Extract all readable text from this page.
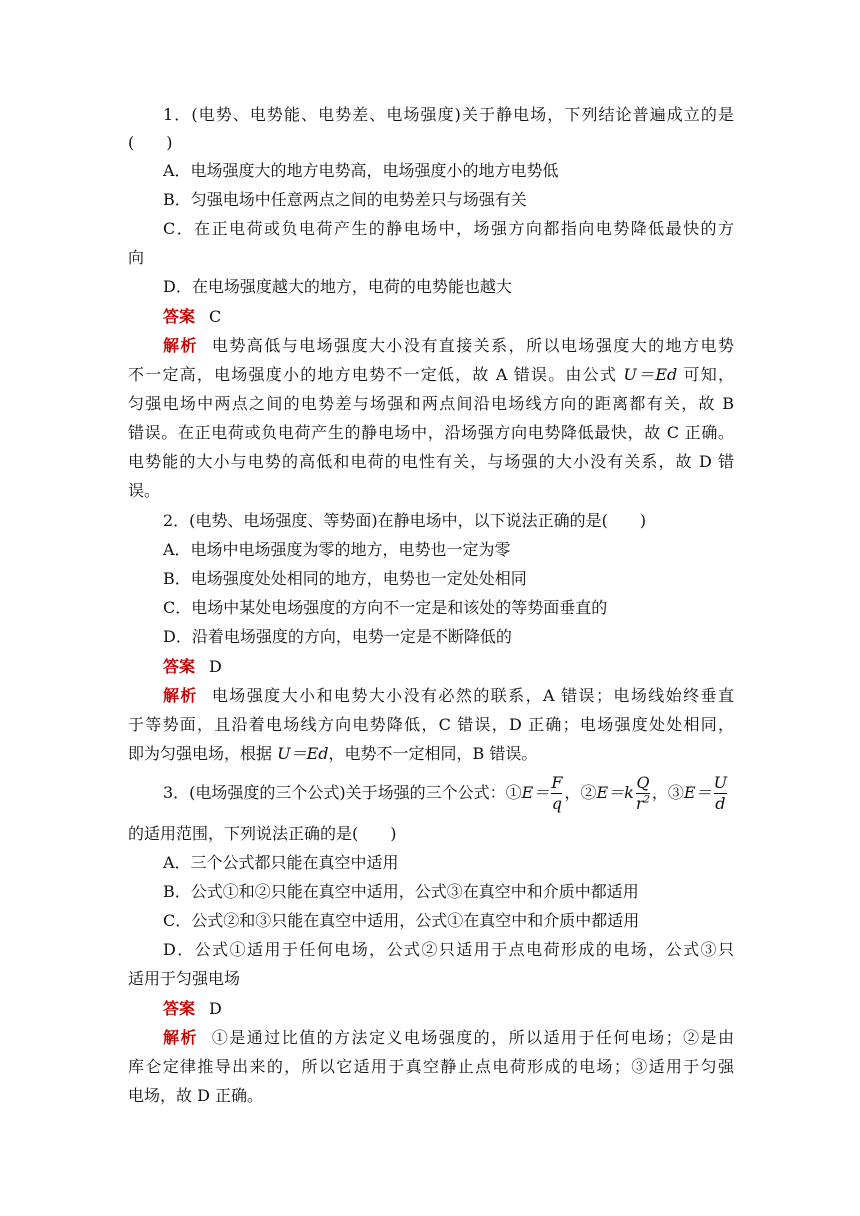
1．(电势、电势能、电势差、电场强度)关于静电场，下列结论普遍成立的是
(　　)
A．电场强度大的地方电势高，电场强度小的地方电势低
B．匀强电场中任意两点之间的电势差只与场强有关
C．在正电荷或负电荷产生的静电场中，场强方向都指向电势降低最快的方
向
D．在电场强度越大的地方，电荷的电势能也越大
答案 C
解析 电势高低与电场强度大小没有直接关系，所以电场强度大的地方电势
不一定高，电场强度小的地方电势不一定低，故 A 错误。由公式 U＝Ed 可知，
匀强电场中两点之间的电势差与场强和两点间沿电场线方向的距离都有关，故 B
错误。在正电荷或负电荷产生的静电场中，沿场强方向电势降低最快，故 C 正确。
电势能的大小与电势的高低和电荷的电性有关，与场强的大小没有关系，故 D 错
误。
2．(电势、电场强度、等势面)在静电场中，以下说法正确的是(　　)
A．电场中电场强度为零的地方，电势也一定为零
B．电场强度处处相同的地方，电势也一定处处相同
C．电场中某处电场强度的方向不一定是和该处的等势面垂直的
D．沿着电场强度的方向，电势一定是不断降低的
答案 D
解析 电场强度大小和电势大小没有必然的联系，A 错误；电场线始终垂直
于等势面，且沿着电场线方向电势降低，C 错误，D 正确；电场强度处处相同，
即为匀强电场，根据 U＝Ed，电势不一定相同，B 错误。
3．(电场强度的三个公式)关于场强的三个公式：①E＝ $\frac{F}{q}$ ，②E＝k $\frac{Q}{r^2}$ ，③E＝ $\frac{U}{d}$
的适用范围，下列说法正确的是(　　)
A．三个公式都只能在真空中适用
B．公式①和②只能在真空中适用，公式③在真空中和介质中都适用
C．公式②和③只能在真空中适用，公式①在真空中和介质中都适用
D．公式①适用于任何电场，公式②只适用于点电荷形成的电场，公式③只
适用于匀强电场
答案 D
解析 ①是通过比值的方法定义电场强度的，所以适用于任何电场；②是由
库仑定律推导出来的，所以它适用于真空静止点电荷形成的电场；③适用于匀强
电场，故 D 正确。
